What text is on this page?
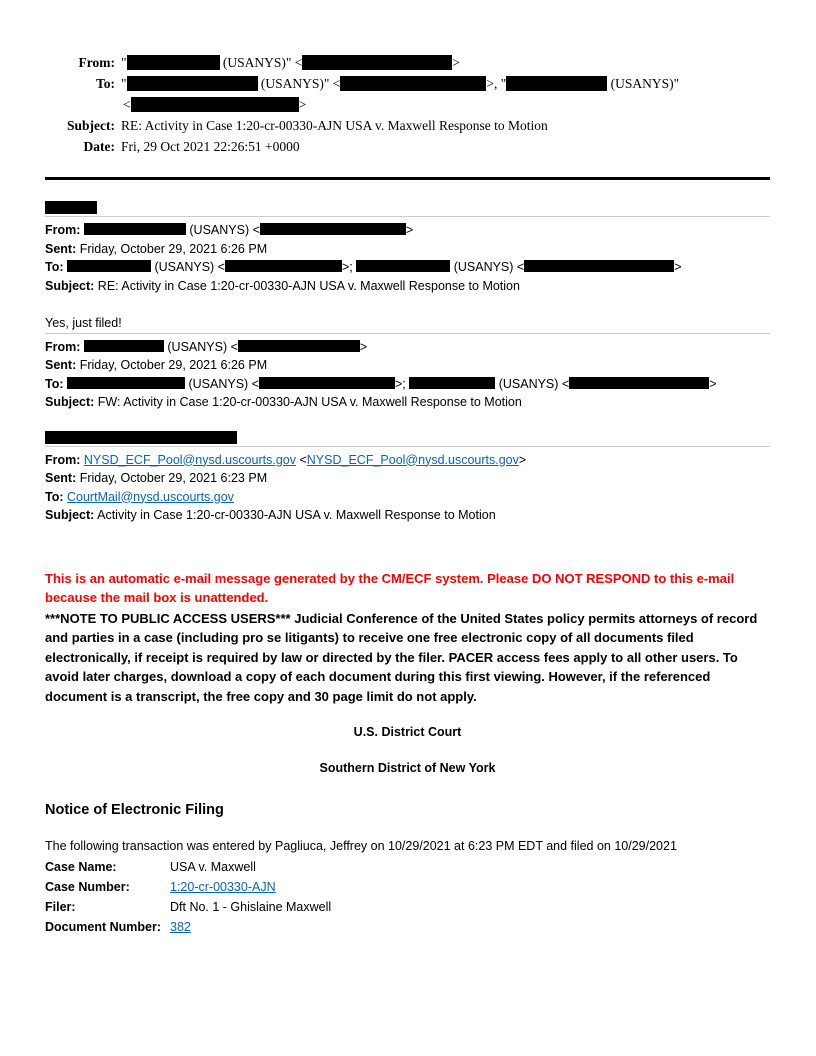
From: "	(USANYS)" <	>
To: "	(USANYS)" <	>, "	(USANYS)"
<	>
Subject: RE: Activity in Case 1:20-cr-00330-AJN USA v. Maxwell Response to Motion
Date: Fri, 29 Oct 2021 22:26:51 +0000

From:	(USANYS) <	>

Sent: Friday, October 29, 2021 6:26 PM

To:	(USANYS) <	>;	(USANYS) <	>

Subject: RE: Activity in Case 1:20-cr-00330-AJN USA v. Maxwell Response to Motion

Yes, just filed!

From:	(USANYS) <	>

Sent: Friday, October 29, 2021 6:26 PM

To:	(USANYS) <	>;	(USANYS) <	>

Subject: FW: Activity in Case 1:20-cr-00330-AJN USA v. Maxwell Response to Motion

From: NYSD_ECF_Pool@nysd.uscourts.gov <NYSD_ECF_Pool@nysd.uscourts.gov>

Sent: Friday, October 29, 2021 6:23 PM

To: CourtMail@nysd.uscourts.gov

Subject: Activity in Case 1:20-cr-00330-AJN USA v. Maxwell Response to Motion

This is an automatic e-mail message generated by the CM/ECF system. Please DO NOT RESPOND to this e-mail because the mail box is unattended.

***NOTE TO PUBLIC ACCESS USERS*** Judicial Conference of the United States policy permits attorneys of record and parties in a case (including pro se litigants) to receive one free electronic copy of all documents filed electronically, if receipt is required by law or directed by the filer. PACER access fees apply to all other users. To avoid later charges, download a copy of each document during this first viewing. However, if the referenced document is a transcript, the free copy and 30 page limit do not apply.

U.S. District Court

Southern District of New York

Notice of Electronic Filing

The following transaction was entered by Pagliuca, Jeffrey on 10/29/2021 at 6:23 PM EDT and filed on 10/29/2021

Case Name:	USA v. Maxwell
Case Number:	1:20-cr-00330-AJN
Filer:	Dft No. 1 - Ghislaine Maxwell
Document Number: 382
